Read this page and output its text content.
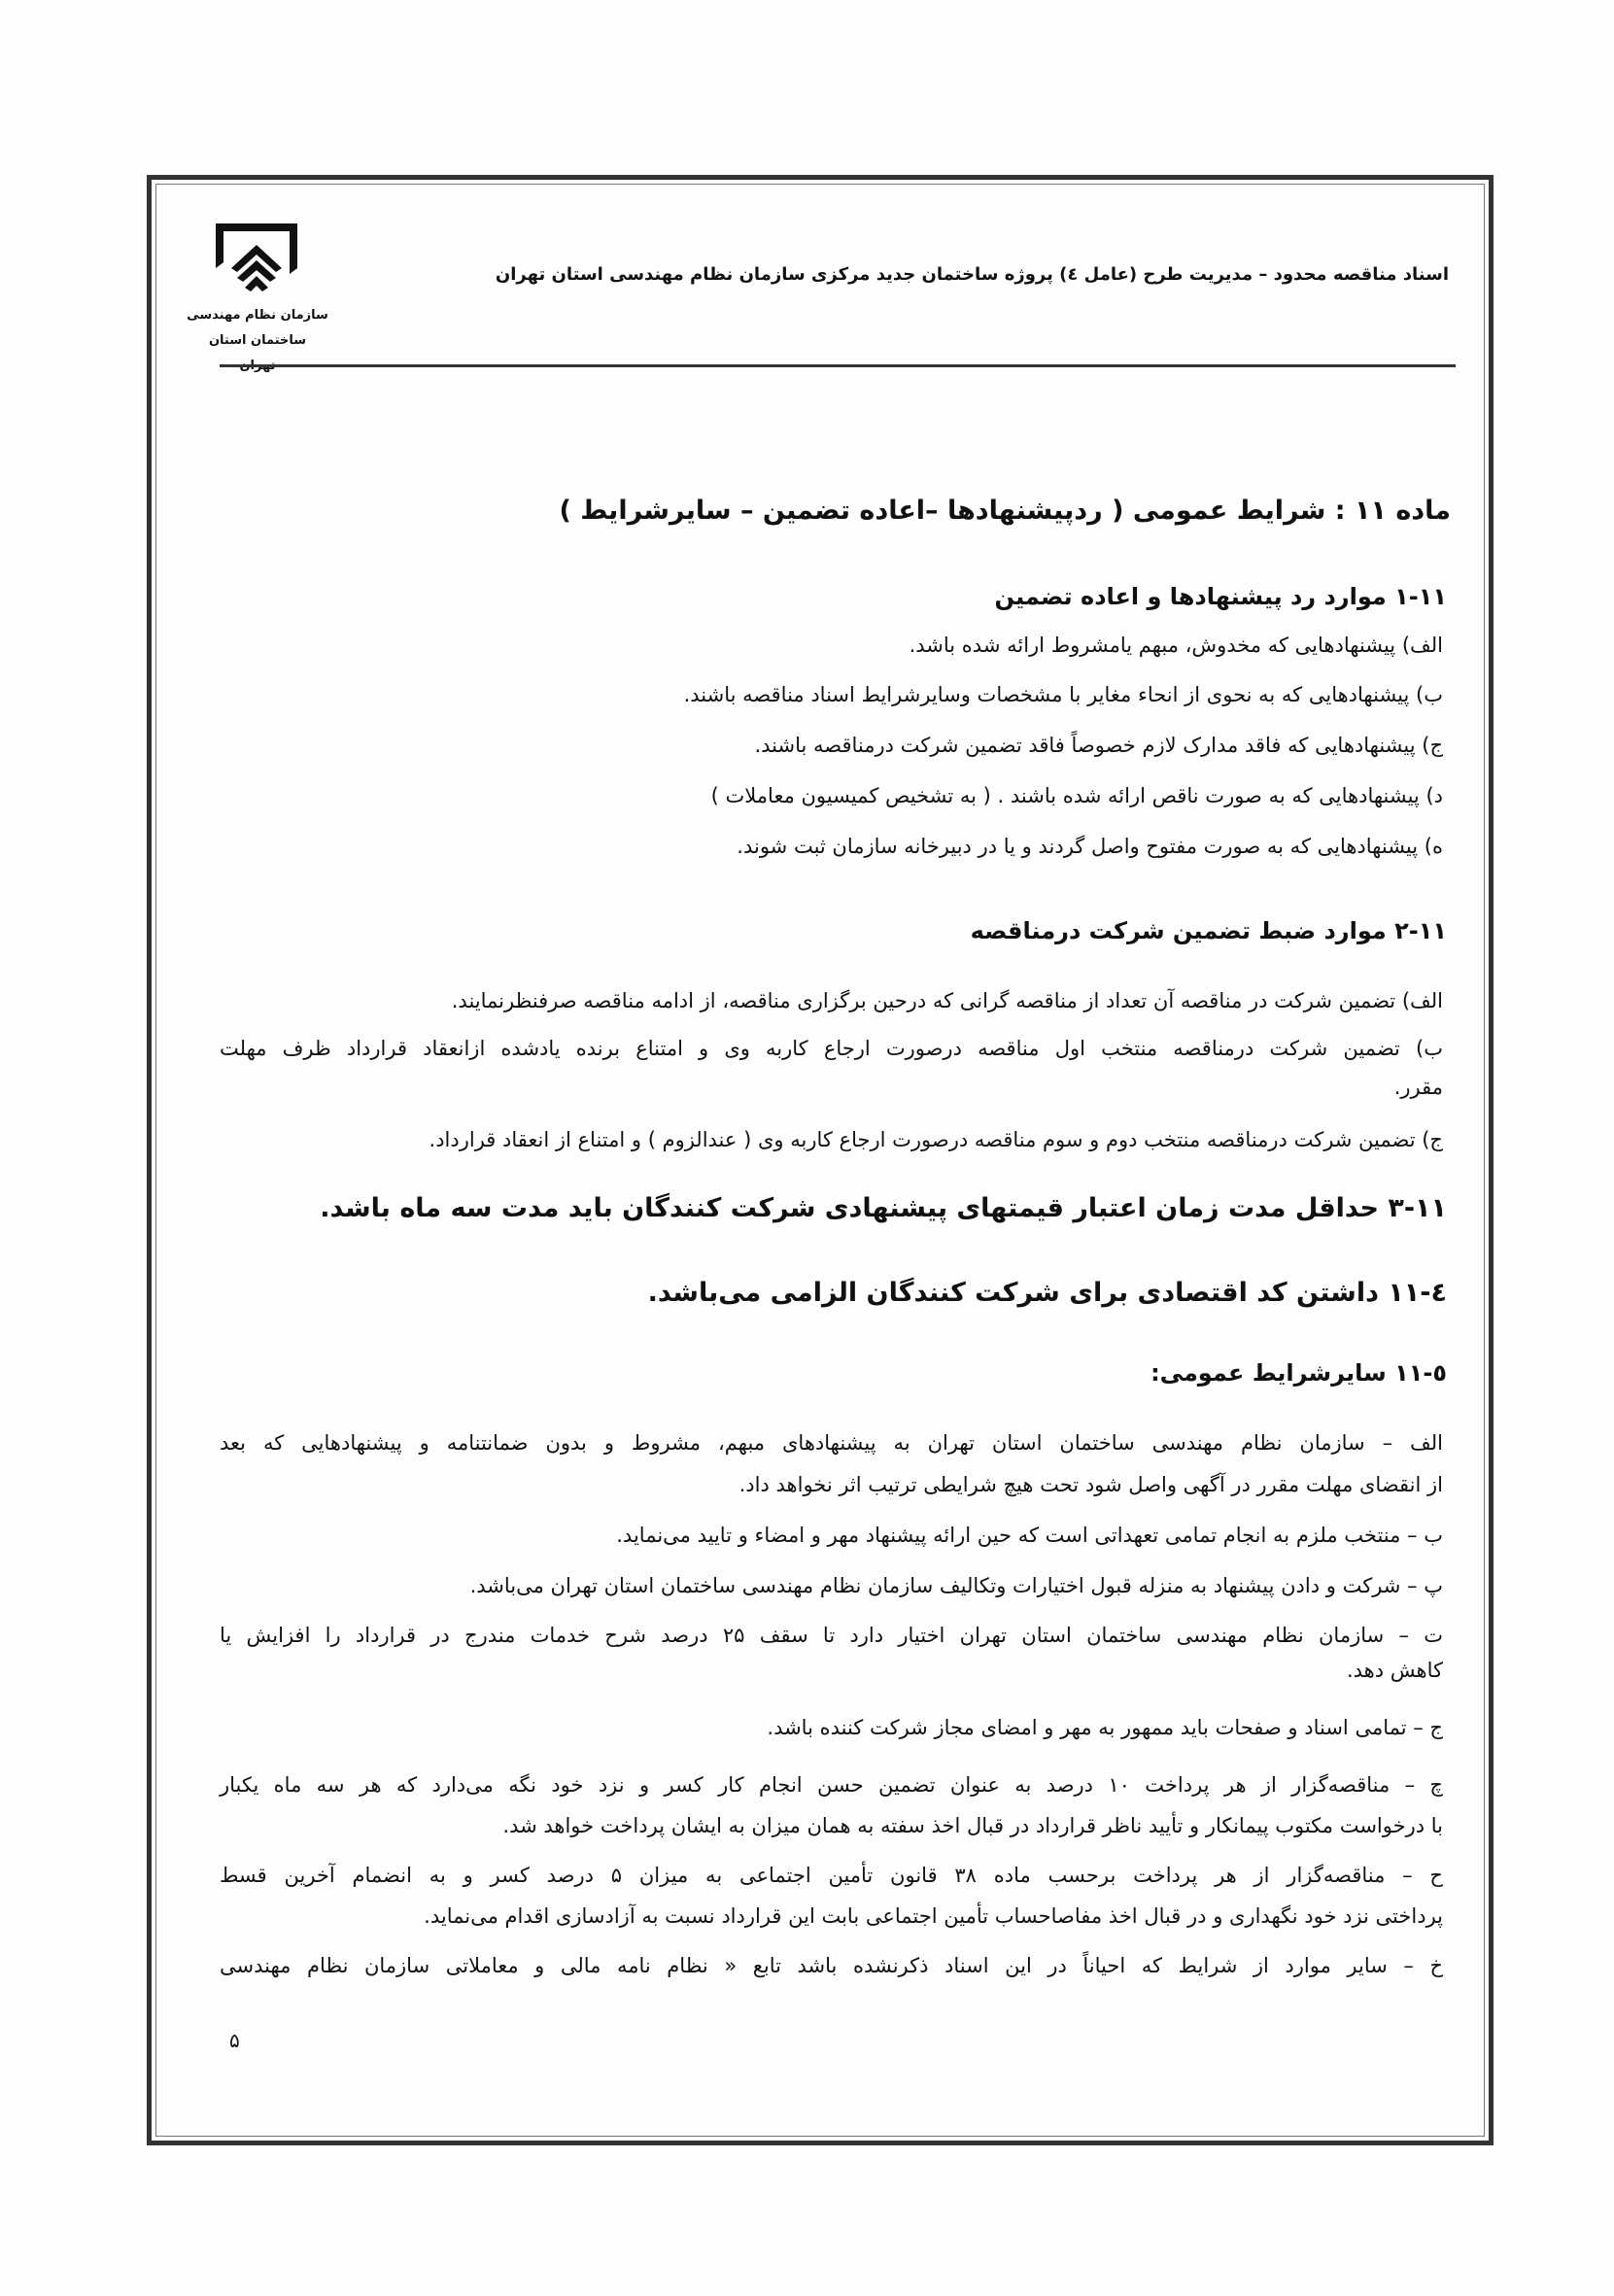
سازمان نظام مهندسی ساختمان استان
اسناد مناقصه محدود – مدیریت طرح (عامل ٤) پروژه ساختمان جدید مرکزی سازمان نظام مهندسی استان تهران
ماده ۱۱ : شرایط عمومی ( ردپیشنهادها –اعاده تضمین – سایرشرایط )
۱-۱۱ موارد رد پیشنهادها و اعاده تضمین
الف) پیشنهادهایی که مخدوش، مبهم یامشروط ارائه شده باشد.
ب) پیشنهادهایی که به نحوی از انحاء مغایر با مشخصات وسایرشرایط اسناد مناقصه باشند.
ج) پیشنهادهایی که فاقد مدارک لازم خصوصاً فاقد تضمین شرکت درمناقصه باشند.
د) پیشنهادهایی که به صورت ناقص ارائه شده باشند . ( به تشخیص کمیسیون معاملات )
ه) پیشنهادهایی که به صورت مفتوح واصل گردند و یا در دبیرخانه سازمان ثبت شوند.
۲-۱۱ موارد ضبط تضمین شرکت درمناقصه
الف) تضمین شرکت در مناقصه آن تعداد از مناقصه گرانی که درحین برگزاری مناقصه، از ادامه مناقصه صرفنظرنمایند.
ب) تضمین شرکت درمناقصه منتخب اول مناقصه درصورت ارجاع کاربه وی و امتناع برنده یادشده ازانعقاد قرارداد ظرف مهلت
مقرر.
ج) تضمین شرکت درمناقصه منتخب دوم و سوم مناقصه درصورت ارجاع کاربه وی ( عندالزوم ) و امتناع از انعقاد قرارداد.
۳-۱۱ حداقل مدت زمان اعتبار قیمتهای پیشنهادی شرکت کنندگان باید مدت سه ماه باشد.
٤-۱۱ داشتن کد اقتصادی برای شرکت کنندگان الزامی می‌باشد.
٥-۱۱ سایرشرایط عمومی:
الف – سازمان نظام مهندسی ساختمان استان تهران به پیشنهادهای مبهم، مشروط و بدون ضمانتنامه و پیشنهادهایی که بعد
از انقضای مهلت مقرر در آگهی واصل شود تحت هیچ شرایطی ترتیب اثر نخواهد داد.
ب – منتخب ملزم به انجام تمامی تعهداتی است که حین ارائه پیشنهاد مهر و امضاء و تایید می‌نماید.
پ – شرکت و دادن پیشنهاد به منزله قبول اختیارات وتکالیف سازمان نظام مهندسی ساختمان استان تهران می‌باشد.
ت – سازمان نظام مهندسی ساختمان استان تهران اختیار دارد تا سقف ۲۵ درصد شرح خدمات مندرج در قرارداد را افزایش یا
کاهش دهد.
ج – تمامی اسناد و صفحات باید ممهور به مهر و امضای مجاز شرکت کننده باشد.
چ – مناقصه‌گزار از هر پرداخت ۱۰ درصد به عنوان تضمین حسن انجام کار کسر و نزد خود نگه می‌دارد که هر سه ماه یکبار
با درخواست مکتوب پیمانکار و تأیید ناظر قرارداد در قبال اخذ سفته به همان میزان به ایشان پرداخت خواهد شد.
ح – مناقصه‌گزار از هر پرداخت برحسب ماده ۳۸ قانون تأمین اجتماعی به میزان ۵ درصد کسر و به انضمام آخرین قسط
پرداختی نزد خود نگهداری و در قبال اخذ مفاصاحساب تأمین اجتماعی بابت این قرارداد نسبت به آزادسازی اقدام می‌نماید.
خ – سایر موارد از شرایط که احیاناً در این اسناد ذکرنشده باشد تابع « نظام نامه مالی و معاملاتی سازمان نظام مهندسی
۵
